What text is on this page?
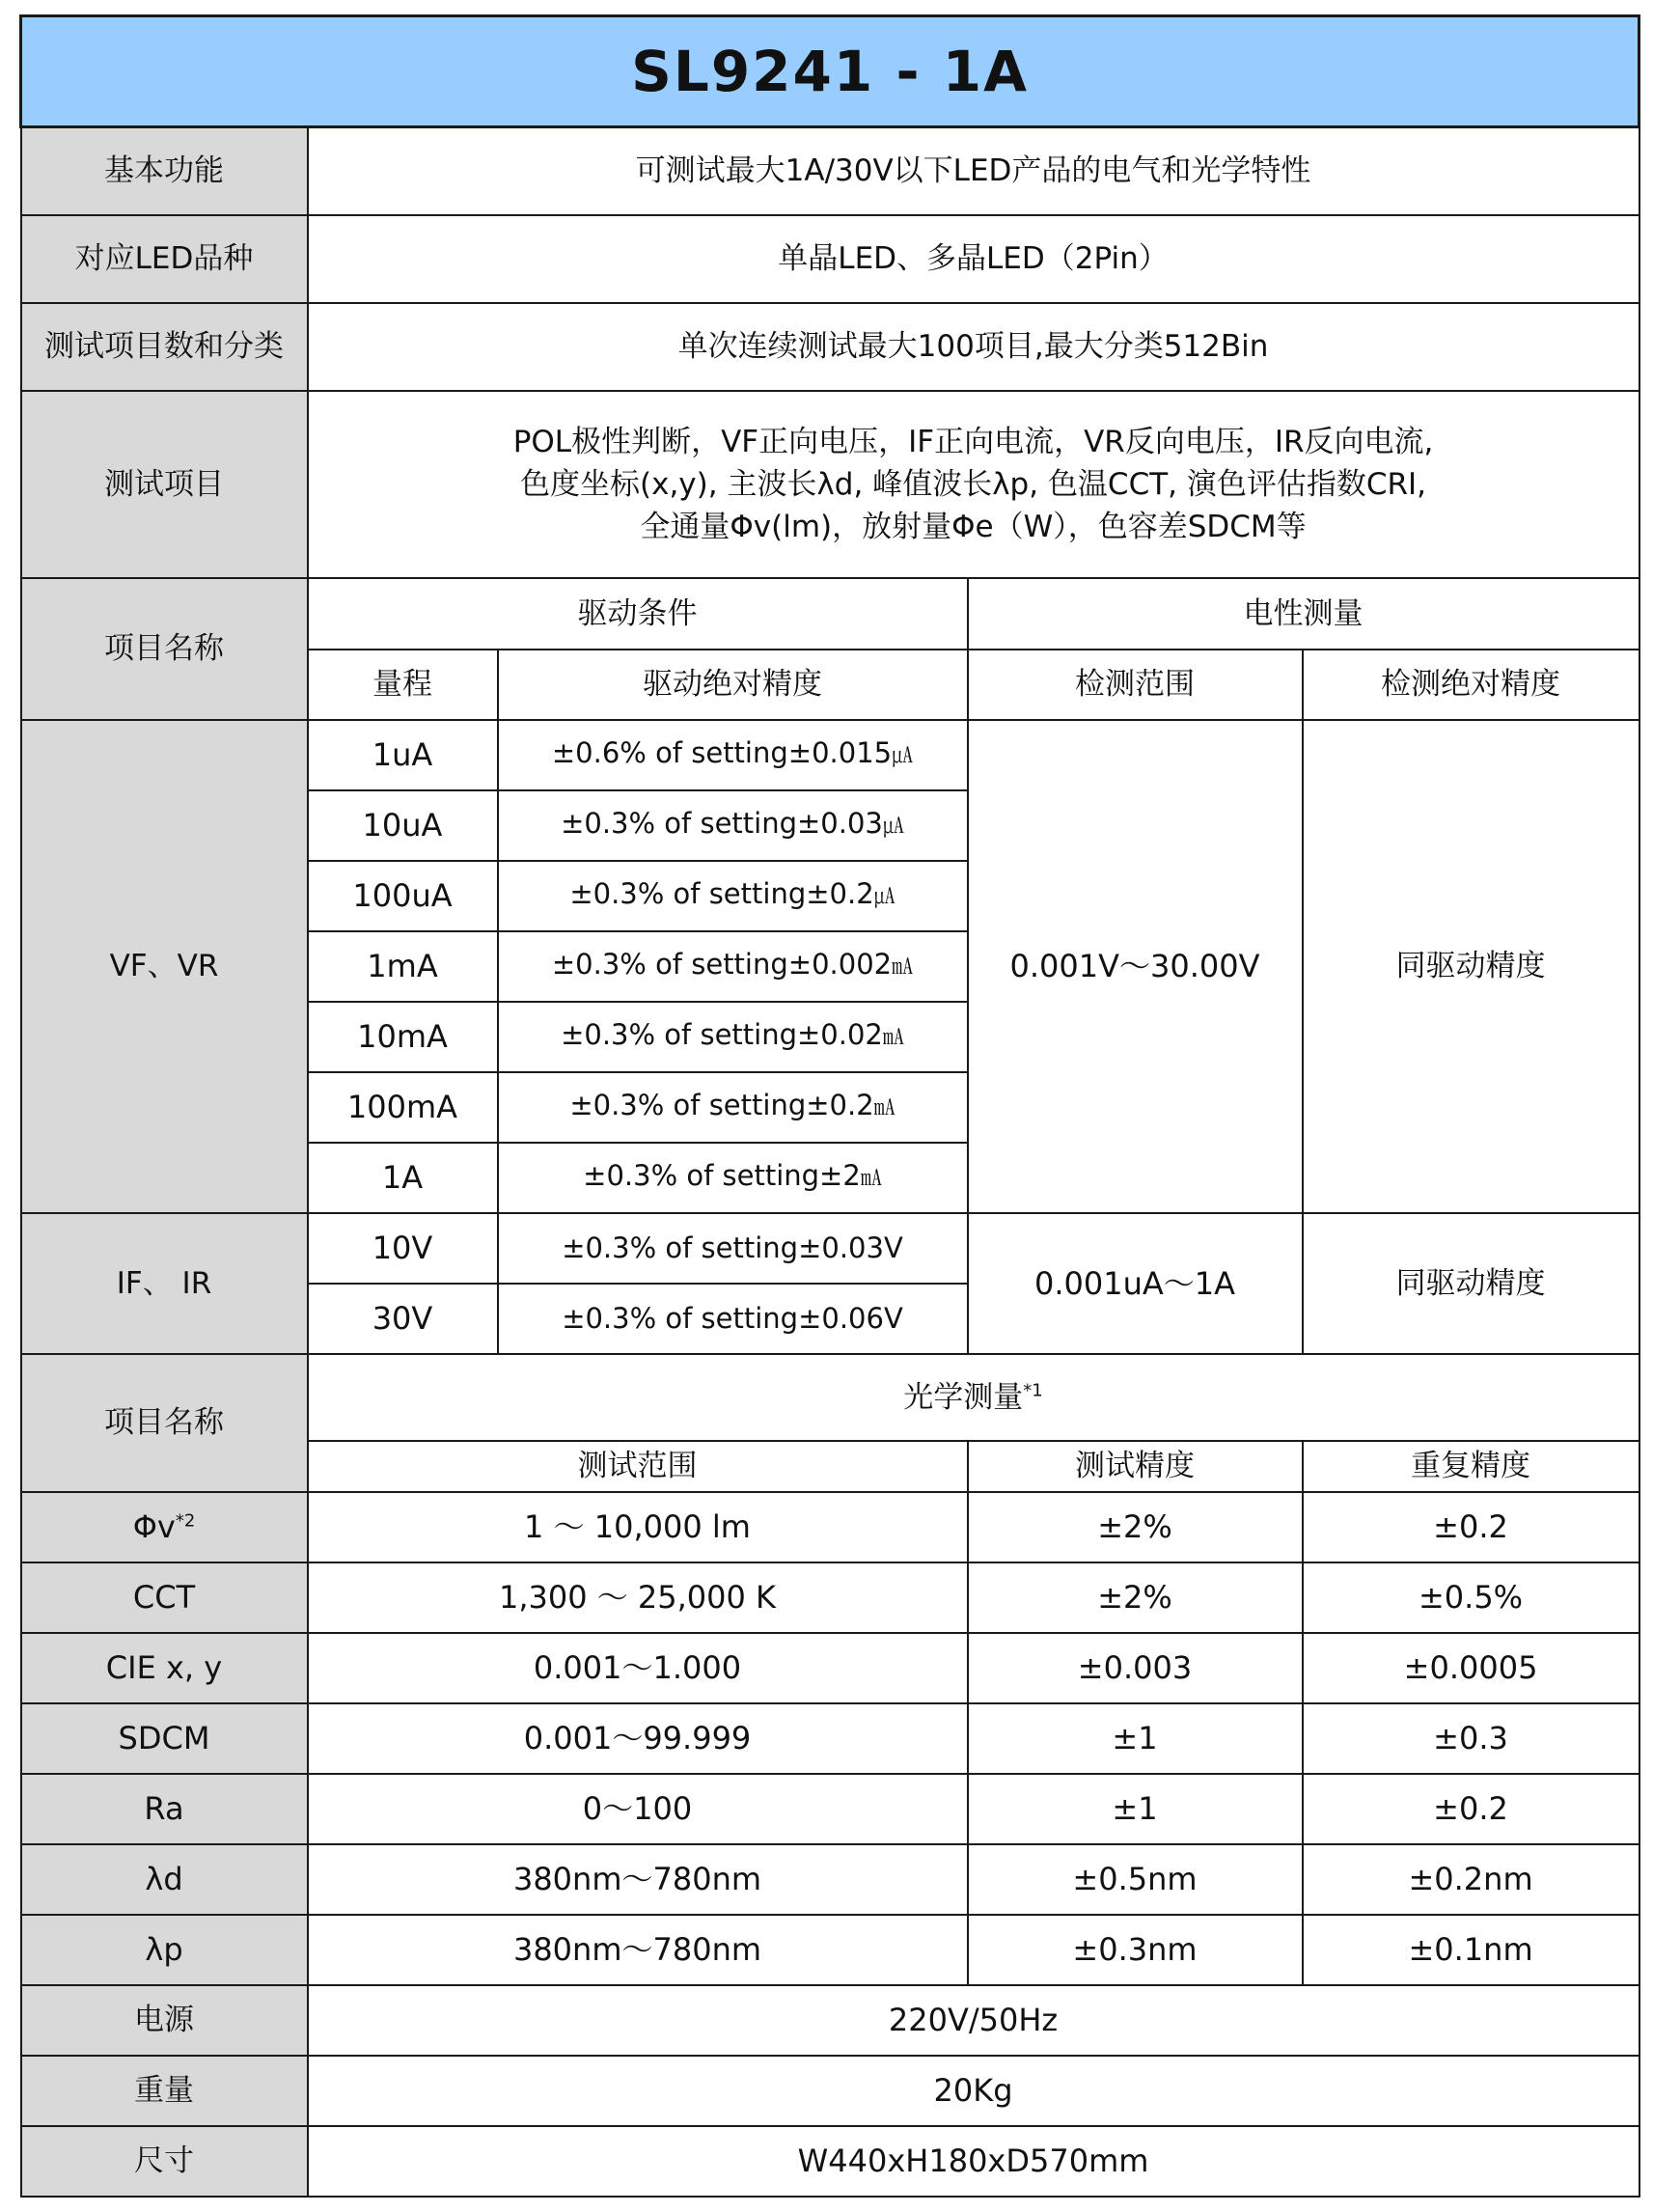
SL9241 - 1A				
基本功能	可测试最大1A/30V以下LED产品的电气和光学特性			
对应LED品种	单晶LED、多晶LED（2Pin）			
测试项目数和分类	单次连续测试最大100项目,最大分类512Bin			
测试项目	POL极性判断，VF正向电压，IF正向电流，VR反向电压，IR反向电流,
色度坐标(x,y), 主波长λd, 峰值波长λp, 色温CCT, 演色评估指数CRI,
全通量Φv(lm)，放射量Φe（W），色容差SDCM等			

项目名称	驱动条件		电性测量	
	量程	驱动绝对精度	检测范围	检测绝对精度
VF、VR	1uA	±0.6% of setting±0.015㎂	0.001V～30.00V	同驱动精度
	10uA	±0.3% of setting±0.03㎂		
	100uA	±0.3% of setting±0.2㎂		
	1mA	±0.3% of setting±0.002㎃		
	10mA	±0.3% of setting±0.02㎃		
	100mA	±0.3% of setting±0.2㎃		
	1A	±0.3% of setting±2㎃		
IF、 IR	10V	±0.3% of setting±0.03V	0.001uA～1A	同驱动精度
	30V	±0.3% of setting±0.06V		
项目名称	光学测量$^{*1}$
	测试范围		测试精度	重复精度
$\Phi v^{*2}$	1 ～ 10,000 lm		±2%	±0.2
CCT	1,300 ～ 25,000 K		±2%	±0.5%
CIE x, y	0.001～1.000		±0.003	±0.0005
SDCM	0.001～99.999		±1	±0.3
Ra	0～100		±1	±0.2
λd	380nm～780nm		±0.5nm	±0.2nm
λp	380nm～780nm		±0.3nm	±0.1nm
电源	220V/50Hz			
重量	20Kg			
尺寸	W440xH180xD570mm			
